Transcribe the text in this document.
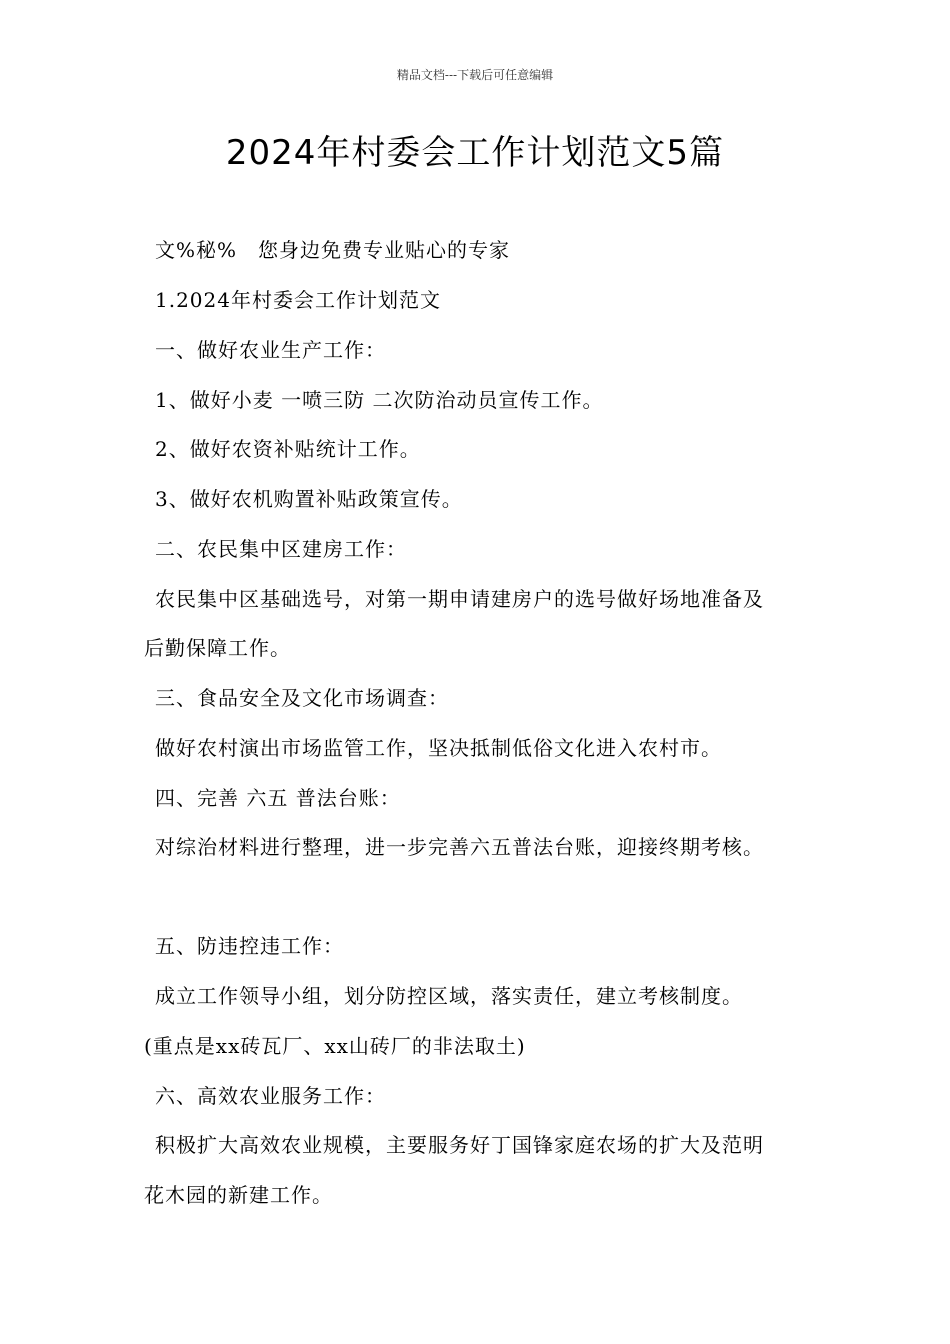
精品文档---下载后可任意编辑
2024年村委会工作计划范文5篇
文%秘%　您身边免费专业贴心的专家
1.2024年村委会工作计划范文
一、做好农业生产工作：
1、做好小麦 一喷三防 二次防治动员宣传工作。
2、做好农资补贴统计工作。
3、做好农机购置补贴政策宣传。
二、农民集中区建房工作：
农民集中区基础选号，对第一期申请建房户的选号做好场地准备及
后勤保障工作。
三、食品安全及文化市场调查：
做好农村演出市场监管工作，坚决抵制低俗文化进入农村市。
四、完善 六五 普法台账：
对综治材料进行整理，进一步完善六五普法台账，迎接终期考核。
五、防违控违工作：
成立工作领导小组，划分防控区域，落实责任，建立考核制度。
(重点是xx砖瓦厂、xx山砖厂的非法取土)
六、高效农业服务工作：
积极扩大高效农业规模，主要服务好丁国锋家庭农场的扩大及范明
花木园的新建工作。
